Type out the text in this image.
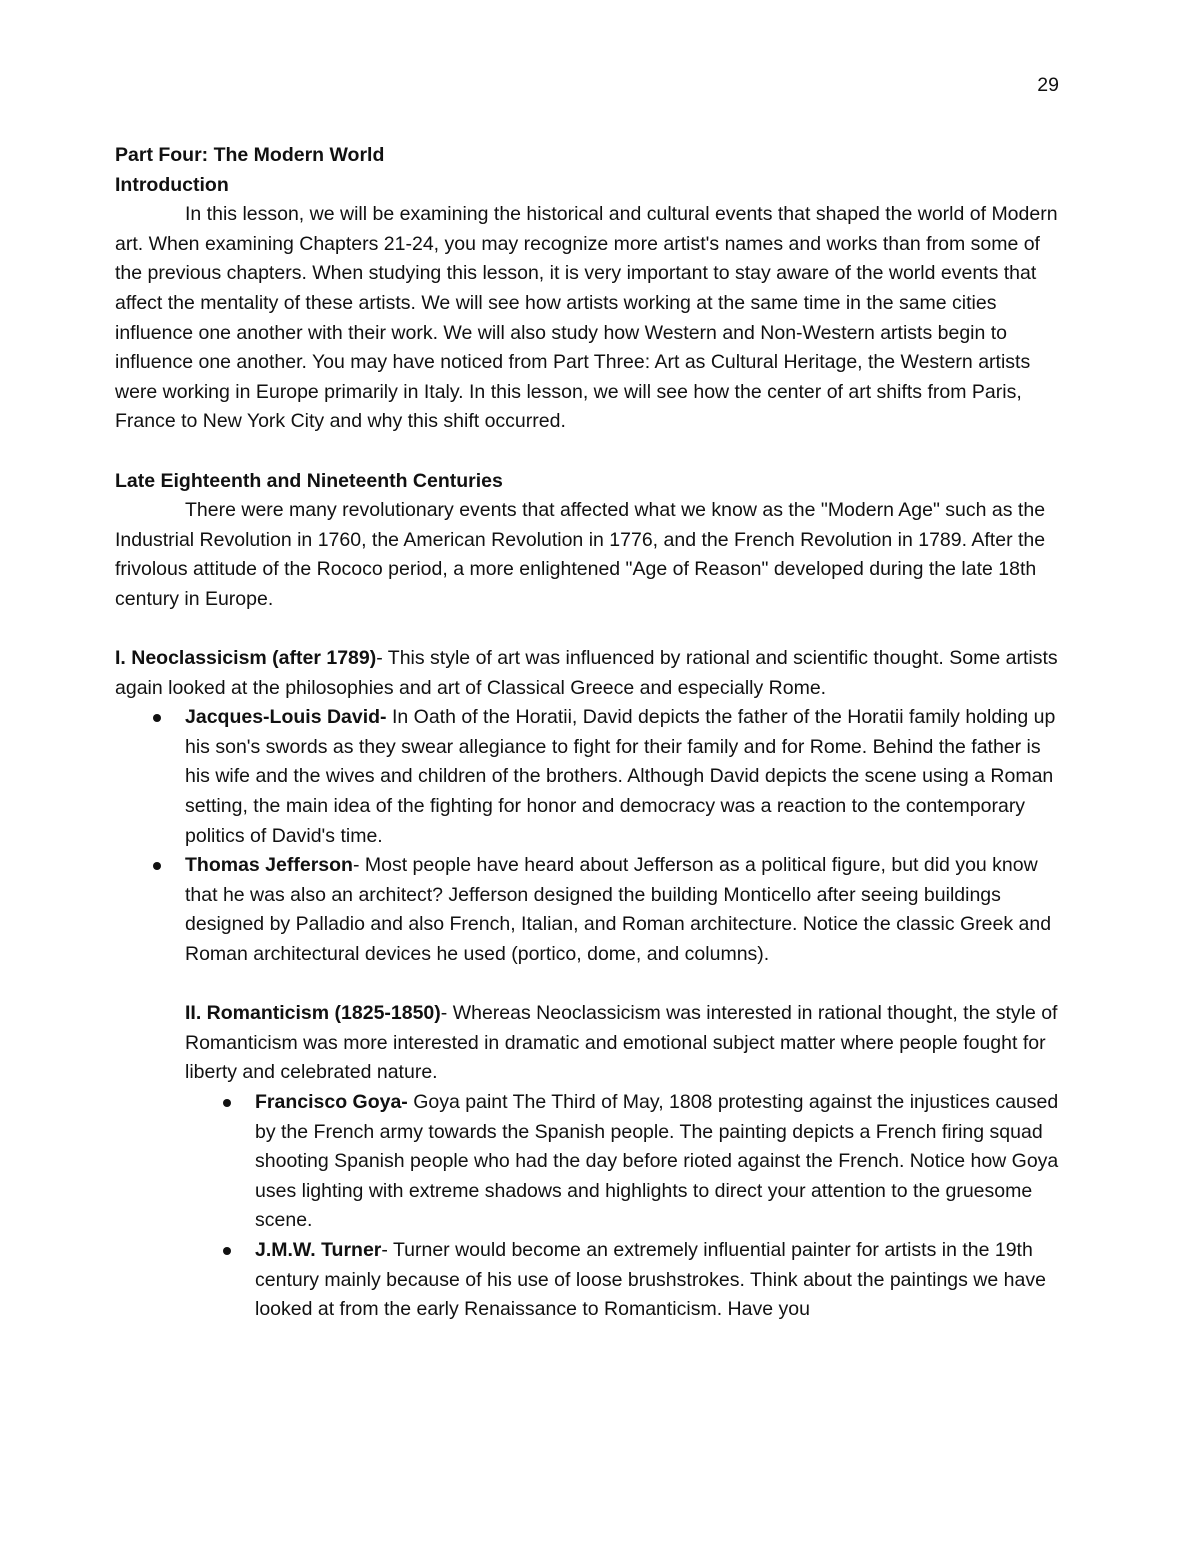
29

Part Four: The Modern World

Introduction

In this lesson, we will be examining the historical and cultural events that shaped the world of Modern art. When examining Chapters 21-24, you may recognize more artist's names and works than from some of the previous chapters. When studying this lesson, it is very important to stay aware of the world events that affect the mentality of these artists. We will see how artists working at the same time in the same cities influence one another with their work. We will also study how Western and Non-Western artists begin to influence one another. You may have noticed from Part Three: Art as Cultural Heritage, the Western artists were working in Europe primarily in Italy. In this lesson, we will see how the center of art shifts from Paris, France to New York City and why this shift occurred.

Late Eighteenth and Nineteenth Centuries

There were many revolutionary events that affected what we know as the "Modern Age" such as the Industrial Revolution in 1760, the American Revolution in 1776, and the French Revolution in 1789. After the frivolous attitude of the Rococo period, a more enlightened "Age of Reason" developed during the late 18th century in Europe.

I. Neoclassicism (after 1789)- This style of art was influenced by rational and scientific thought. Some artists again looked at the philosophies and art of Classical Greece and especially Rome.

Jacques-Louis David- In Oath of the Horatii, David depicts the father of the Horatii family holding up his son's swords as they swear allegiance to fight for their family and for Rome. Behind the father is his wife and the wives and children of the brothers. Although David depicts the scene using a Roman setting, the main idea of the fighting for honor and democracy was a reaction to the contemporary politics of David's time.
Thomas Jefferson- Most people have heard about Jefferson as a political figure, but did you know that he was also an architect? Jefferson designed the building Monticello after seeing buildings designed by Palladio and also French, Italian, and Roman architecture. Notice the classic Greek and Roman architectural devices he used (portico, dome, and columns).

II. Romanticism (1825-1850)- Whereas Neoclassicism was interested in rational thought, the style of Romanticism was more interested in dramatic and emotional subject matter where people fought for liberty and celebrated nature.

Francisco Goya- Goya paint The Third of May, 1808 protesting against the injustices caused by the French army towards the Spanish people. The painting depicts a French firing squad shooting Spanish people who had the day before rioted against the French. Notice how Goya uses lighting with extreme shadows and highlights to direct your attention to the gruesome scene.
J.M.W. Turner- Turner would become an extremely influential painter for artists in the 19th century mainly because of his use of loose brushstrokes. Think about the paintings we have looked at from the early Renaissance to Romanticism. Have you
